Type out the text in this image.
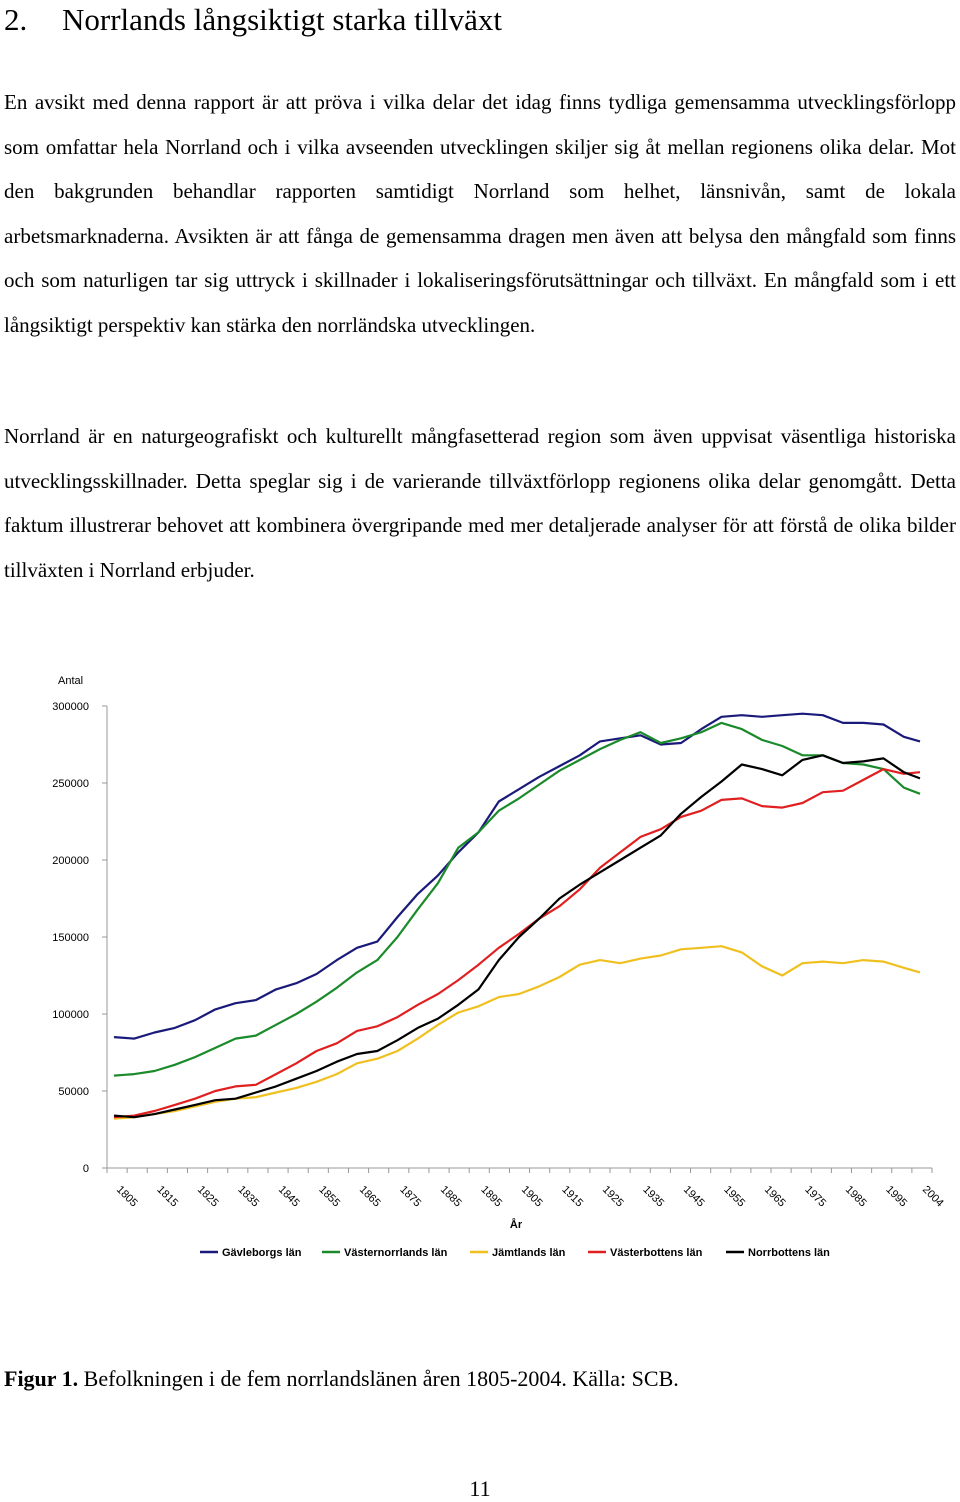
2. Norrlands långsiktigt starka tillväxt

En avsikt med denna rapport är att pröva i vilka delar det idag finns tydliga gemensamma utvecklingsförlopp som omfattar hela Norrland och i vilka avseenden utvecklingen skiljer sig åt mellan regionens olika delar. Mot den bakgrunden behandlar rapporten samtidigt Norrland som helhet, länsnivån, samt de lokala arbetsmarknaderna. Avsikten är att fånga de gemensamma dragen men även att belysa den mångfald som finns och som naturligen tar sig uttryck i skillnader i lokaliseringsförutsättningar och tillväxt. En mångfald som i ett långsiktigt perspektiv kan stärka den norrländska utvecklingen.

Norrland är en naturgeografiskt och kulturellt mångfasetterad region som även uppvisat väsentliga historiska utvecklingsskillnader. Detta speglar sig i de varierande tillväxtförlopp regionens olika delar genomgått. Detta faktum illustrerar behovet att kombinera övergripande med mer detaljerade analyser för att förstå de olika bilder tillväxten i Norrland erbjuder.

0
50000
100000
150000
200000
250000
300000
Antal
1805 1815 1825 1835 1845 1855 1865 1875 1885 1895 1905 1915 1925 1935 1945 1955 1965 1975 1985 1995 2004
År
Gävleborgs län	Västernorrlands län	Jämtlands län	Västerbottens län	Norrbottens län
Figur 1. Befolkningen i de fem norrlandslänen åren 1805-2004. Källa: SCB.
11
